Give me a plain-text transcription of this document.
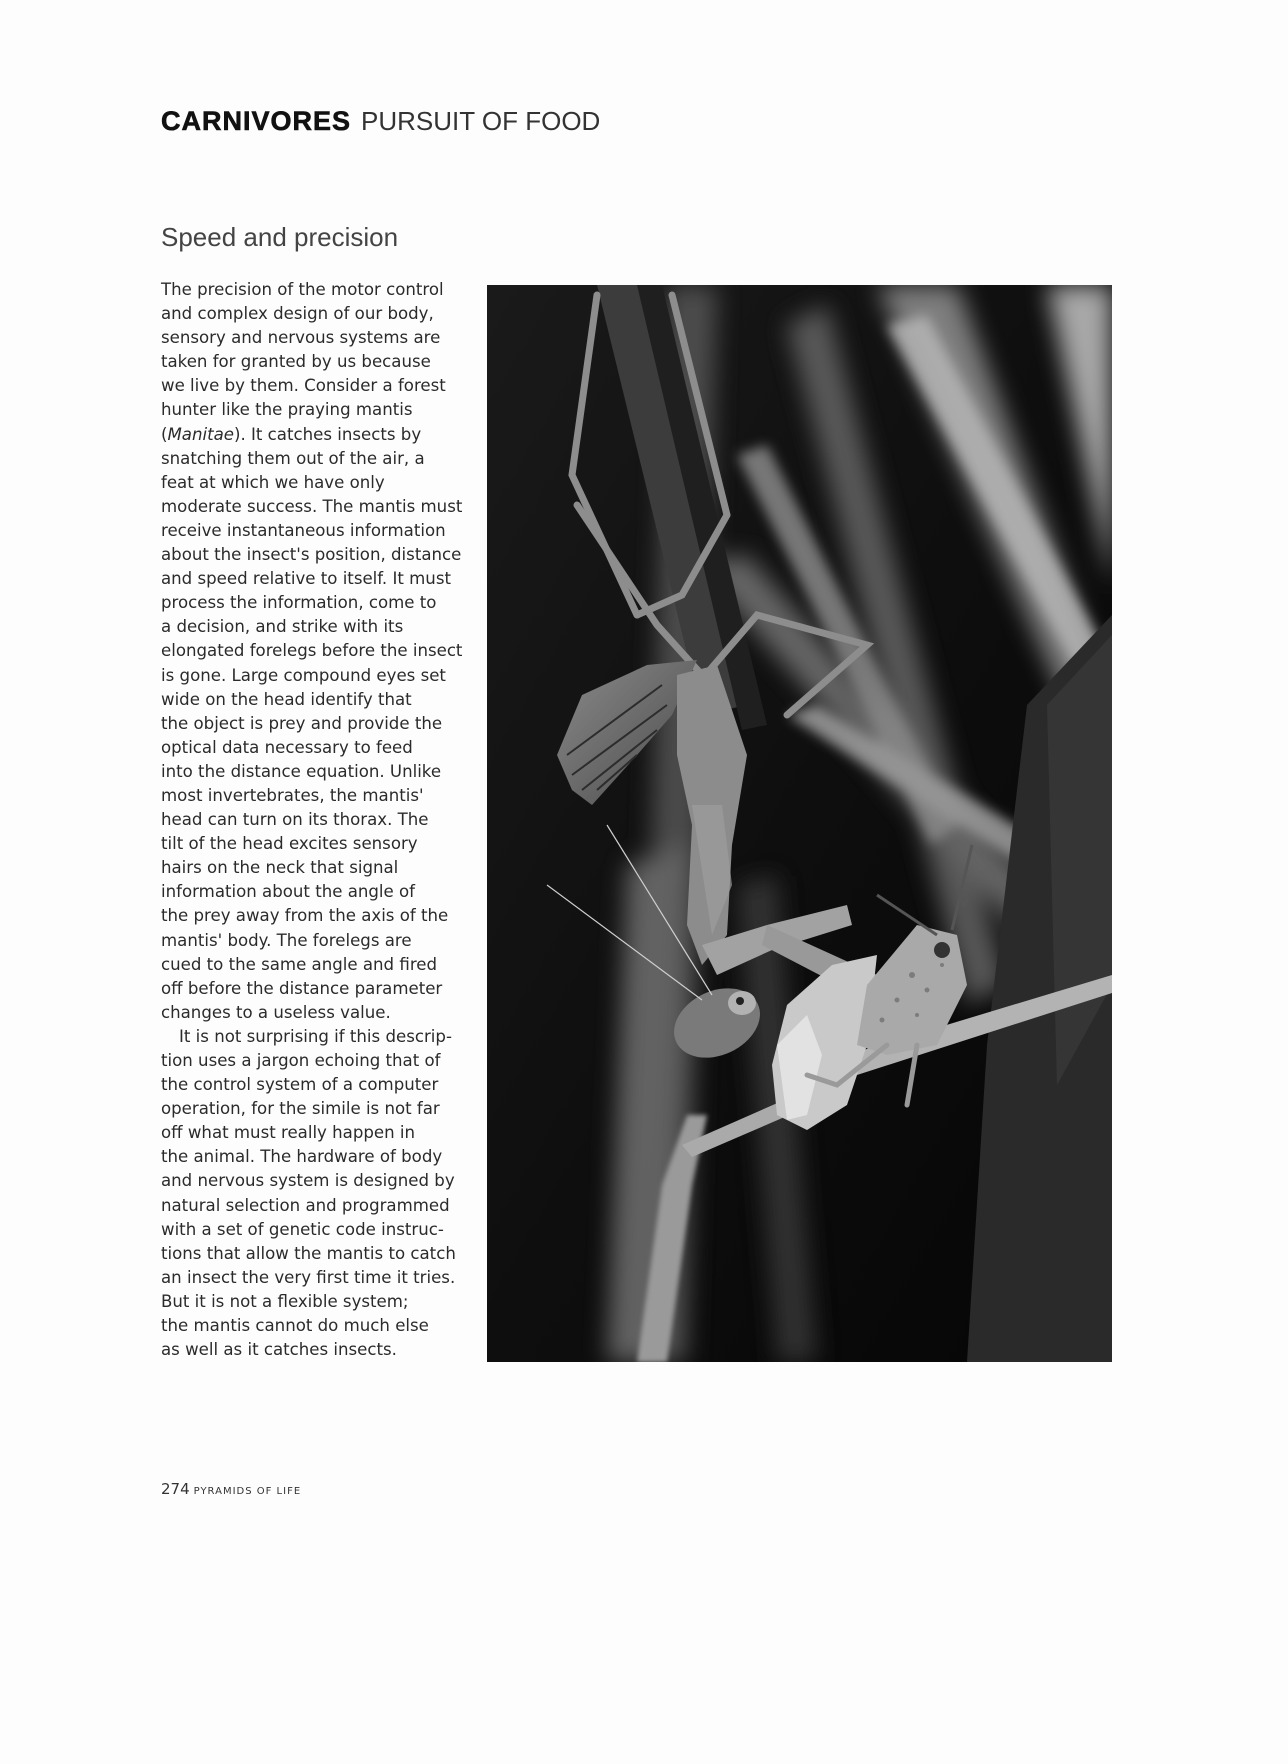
CARNIVORES PURSUIT OF FOOD
Speed and precision
The precision of the motor control
and complex design of our body,
sensory and nervous systems are
taken for granted by us because
we live by them. Consider a forest
hunter like the praying mantis
(Manitae). It catches insects by
snatching them out of the air, a
feat at which we have only
moderate success. The mantis must
receive instantaneous information
about the insect's position, distance
and speed relative to itself. It must
process the information, come to
a decision, and strike with its
elongated forelegs before the insect
is gone. Large compound eyes set
wide on the head identify that
the object is prey and provide the
optical data necessary to feed
into the distance equation. Unlike
most invertebrates, the mantis'
head can turn on its thorax. The
tilt of the head excites sensory
hairs on the neck that signal
information about the angle of
the prey away from the axis of the
mantis' body. The forelegs are
cued to the same angle and fired
off before the distance parameter
changes to a useless value.
It is not surprising if this descrip-
tion uses a jargon echoing that of
the control system of a computer
operation, for the simile is not far
off what must really happen in
the animal. The hardware of body
and nervous system is designed by
natural selection and programmed
with a set of genetic code instruc-
tions that allow the mantis to catch
an insect the very first time it tries.
But it is not a flexible system;
the mantis cannot do much else
as well as it catches insects.
274 PYRAMIDS OF LIFE
